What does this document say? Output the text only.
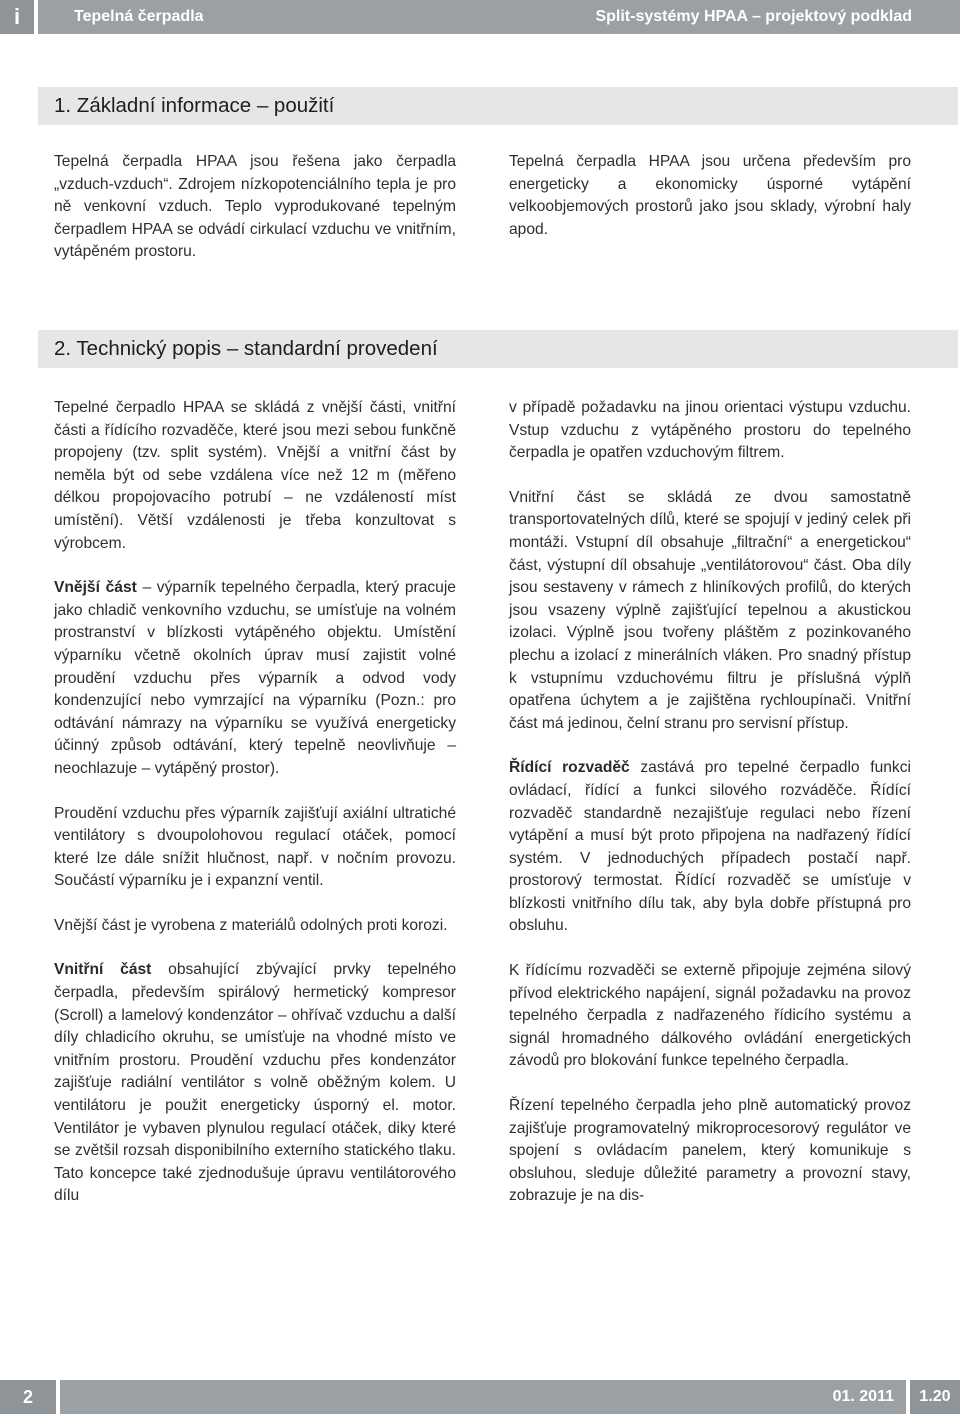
i	Tepelná čerpadla	Split-systémy HPAA – projektový podklad
1. Základní informace – použití

Tepelná čerpadla HPAA jsou řešena jako čerpadla „vzduch-vzduch“. Zdrojem nízkopotenciálního tepla je pro ně venkovní vzduch. Teplo vyprodukované tepelným čerpadlem HPAA se odvádí cirkulací vzduchu ve vnitřním, vytápěném prostoru.

Tepelná čerpadla HPAA jsou určena především pro energeticky a ekonomicky úsporné vytápění velkoobjemových prostorů jako jsou sklady, výrobní haly apod.

2. Technický popis – standardní provedení

Tepelné čerpadlo HPAA se skládá z vnější části, vnitřní části a řídícího rozvaděče, které jsou mezi sebou funkčně propojeny (tzv. split systém). Vnější a vnitřní část by neměla být od sebe vzdálena více než 12 m (měřeno délkou propojovacího potrubí – ne vzdáleností míst umístění). Větší vzdálenosti je třeba konzultovat s výrobcem.

Vnější část – výparník tepelného čerpadla, který pracuje jako chladič venkovního vzduchu, se umísťuje na volném prostranství v blízkosti vytápěného objektu. Umístění výparníku včetně okolních úprav musí zajistit volné proudění vzduchu přes výparník a odvod vody kondenzující nebo vymrzající na výparníku (Pozn.: pro odtávání námrazy na výparníku se využívá energeticky účinný způsob odtávání, který tepelně neovlivňuje – neochlazuje – vytápěný prostor).

Proudění vzduchu přes výparník zajišťují axiální ultratiché ventilátory s dvoupolohovou regulací otáček, pomocí které lze dále snížit hlučnost, např. v nočním provozu. Součástí výparníku je i expanzní ventil.

Vnější část je vyrobena z materiálů odolných proti korozi.

Vnitřní část obsahující zbývající prvky tepelného čerpadla, především spirálový hermetický kompresor (Scroll) a lamelový kondenzátor – ohřívač vzduchu a další díly chladicího okruhu, se umísťuje na vhodné místo ve vnitřním prostoru. Proudění vzduchu přes kondenzátor zajišťuje radiální ventilátor s volně oběžným kolem. U ventilátoru je použit energeticky úsporný el. motor. Ventilátor je vybaven plynulou regulací otáček, diky které se zvětšil rozsah disponibilního externího statického tlaku. Tato koncepce také zjednodušuje úpravu ventilátorového dílu

v případě požadavku na jinou orientaci výstupu vzduchu. Vstup vzduchu z vytápěného prostoru do tepelného čerpadla je opatřen vzduchovým filtrem.

Vnitřní část se skládá ze dvou samostatně transportovatelných dílů, které se spojují v jediný celek při montáži. Vstupní díl obsahuje „filtrační“ a energetickou“ část, výstupní díl obsahuje „ventilátorovou“ část. Oba díly jsou sestaveny v rámech z hliníkových profilů, do kterých jsou vsazeny výplně zajišťující tepelnou a akustickou izolaci. Výplně jsou tvořeny pláštěm z pozinkovaného plechu a izolací z minerálních vláken. Pro snadný přístup k vstupnímu vzduchovému filtru je příslušná výplň opatřena úchytem a je zajištěna rychloupínači. Vnitřní část má jedinou, čelní stranu pro servisní přístup.

Řídící rozvaděč zastává pro tepelné čerpadlo funkci ovládací, řídící a funkci silového rozváděče. Řídící rozvaděč standardně nezajišťuje regulaci nebo řízení vytápění a musí být proto připojena na nadřazený řídící systém. V jednoduchých případech postačí např. prostorový termostat. Řídící rozvaděč se umísťuje v blízkosti vnitřního dílu tak, aby byla dobře přístupná pro obsluhu.

K řídícímu rozvaděči se externě připojuje zejména silový přívod elektrického napájení, signál požadavku na provoz tepelného čerpadla z nadřazeného řídicího systému a signál hromadného dálkového ovládání energetických závodů pro blokování funkce tepelného čerpadla.

Řízení tepelného čerpadla jeho plně automatický provoz zajišťuje programovatelný mikroprocesorový regulátor ve spojení s ovládacím panelem, který komunikuje s obsluhou, sleduje důležité parametry a provozní stavy, zobrazuje je na dis-

2	01. 2011	1.20
